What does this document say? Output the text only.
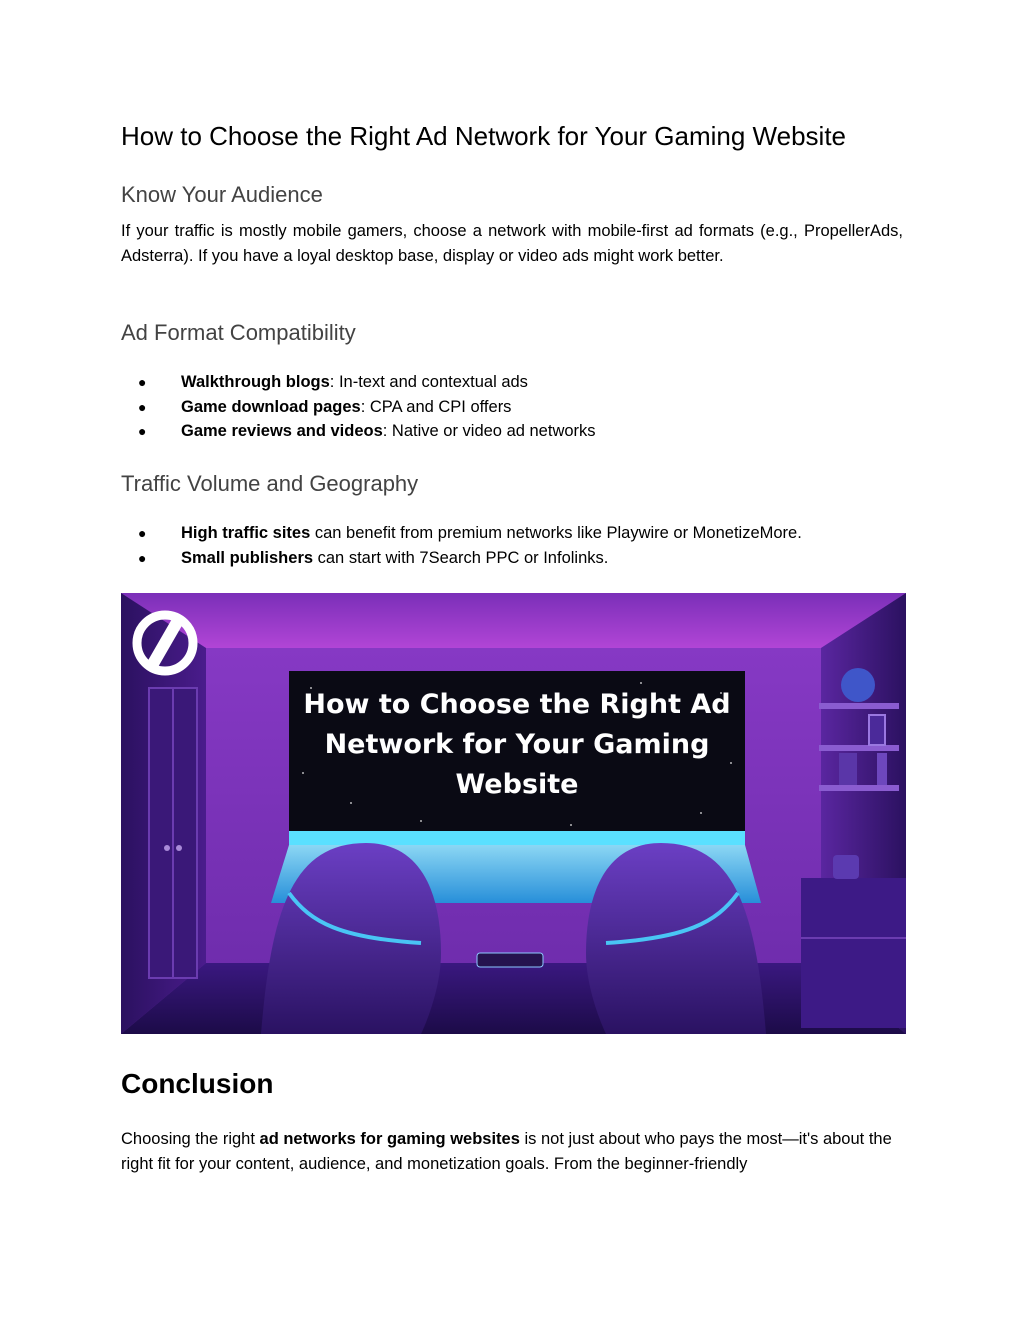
How to Choose the Right Ad Network for Your Gaming Website
Know Your Audience

If your traffic is mostly mobile gamers, choose a network with mobile-first ad formats (e.g., PropellerAds, Adsterra). If you have a loyal desktop base, display or video ads might work better.

Ad Format Compatibility
● Walkthrough blogs: In-text and contextual ads
● Game download pages: CPA and CPI offers
● Game reviews and videos: Native or video ad networks
Traffic Volume and Geography
● High traffic sites can benefit from premium networks like Playwire or MonetizeMore.
● Small publishers can start with 7Search PPC or Infolinks.
How to Choose the Right Ad
Network for Your Gaming
Website
Conclusion

Choosing the right ad networks for gaming websites is not just about who pays the most—it's about the right fit for your content, audience, and monetization goals. From the beginner-friendly
